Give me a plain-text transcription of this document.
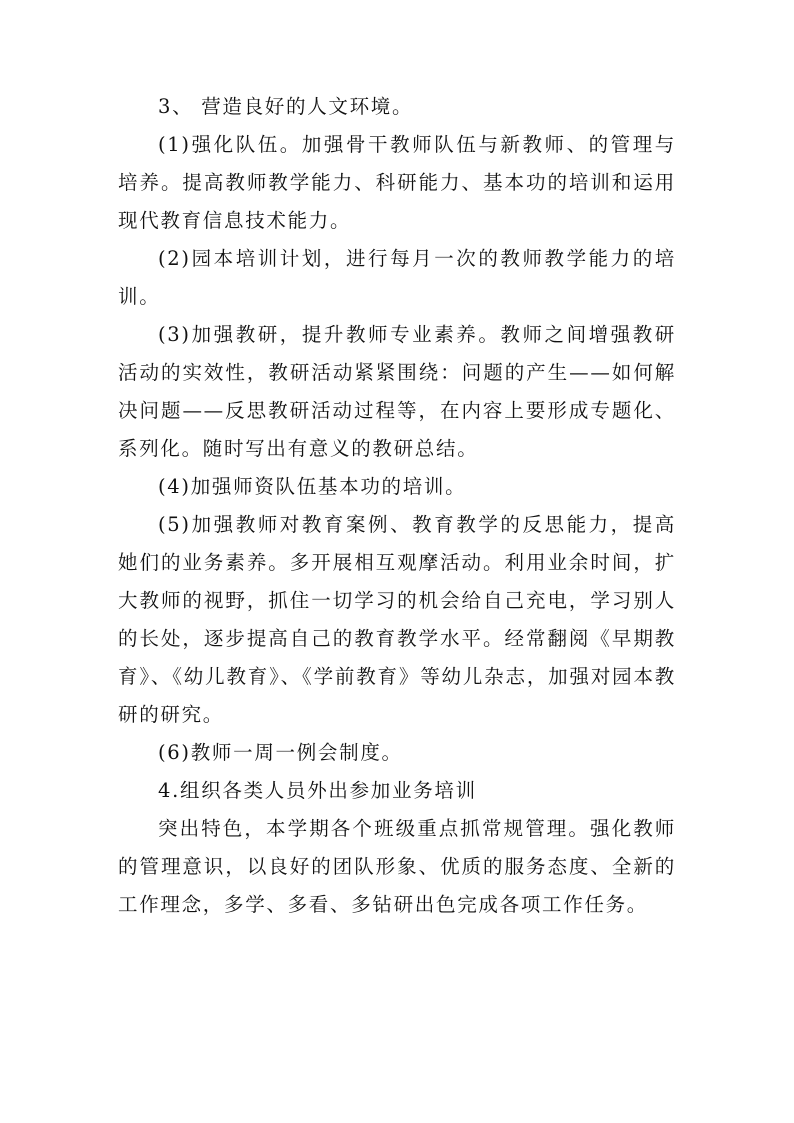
3、 营造良好的人文环境。

(1)强化队伍。加强骨干教师队伍与新教师、的管理与培养。提高教师教学能力、科研能力、基本功的培训和运用现代教育信息技术能力。

(2)园本培训计划，进行每月一次的教师教学能力的培训。

(3)加强教研，提升教师专业素养。教师之间增强教研活动的实效性，教研活动紧紧围绕：问题的产生——如何解决问题——反思教研活动过程等，在内容上要形成专题化、系列化。随时写出有意义的教研总结。

(4)加强师资队伍基本功的培训。

(5)加强教师对教育案例、教育教学的反思能力，提高她们的业务素养。多开展相互观摩活动。利用业余时间，扩大教师的视野，抓住一切学习的机会给自己充电，学习别人的长处，逐步提高自己的教育教学水平。经常翻阅《早期教育》、《幼儿教育》、《学前教育》等幼儿杂志，加强对园本教研的研究。

(6)教师一周一例会制度。

4.组织各类人员外出参加业务培训

突出特色，本学期各个班级重点抓常规管理。强化教师的管理意识，以良好的团队形象、优质的服务态度、全新的工作理念，多学、多看、多钻研出色完成各项工作任务。
